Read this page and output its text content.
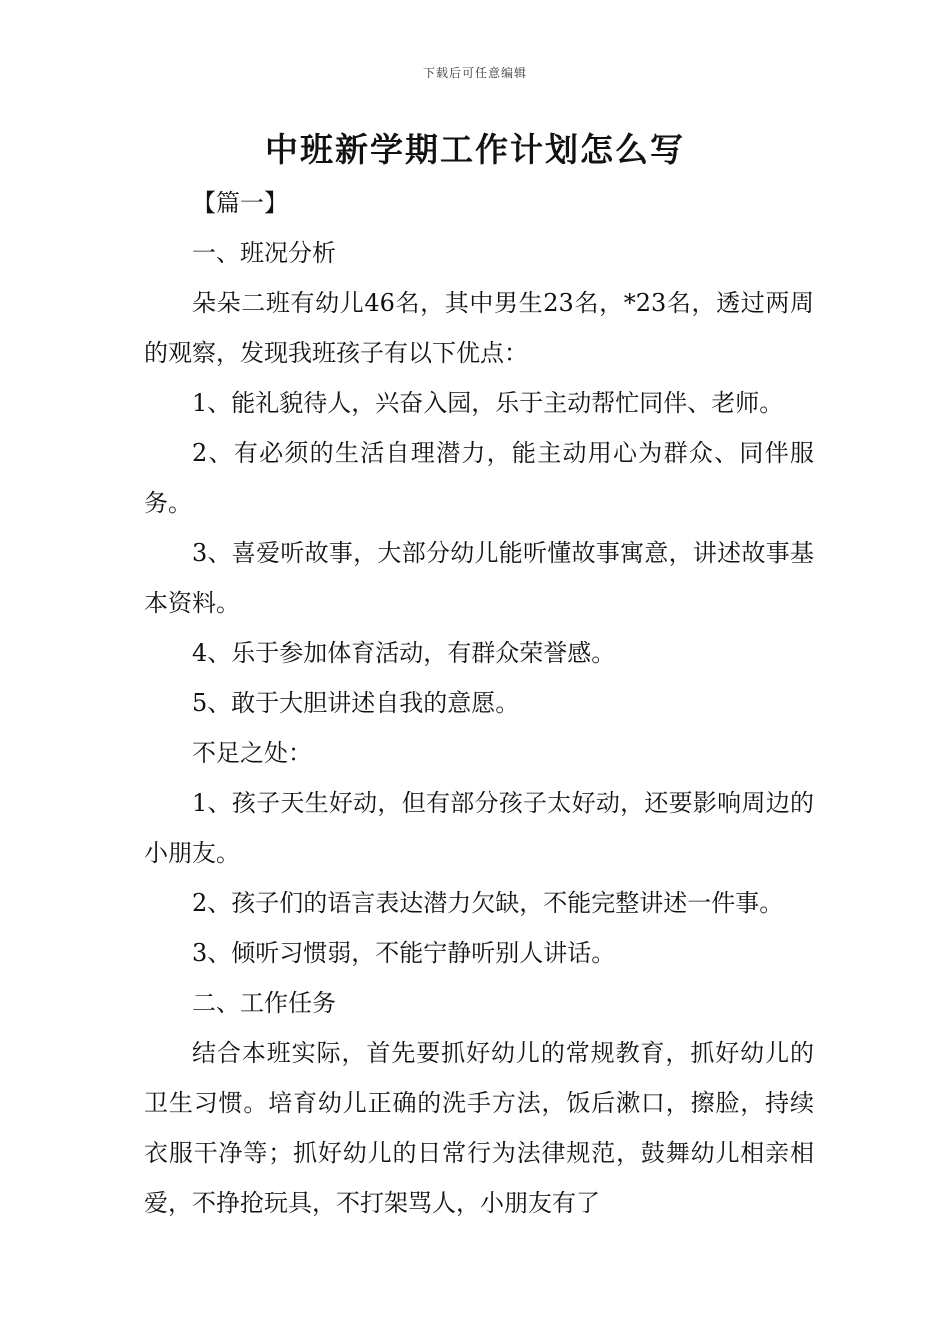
下载后可任意编辑
中班新学期工作计划怎么写

【篇一】

一、班况分析

朵朵二班有幼儿46名，其中男生23名，*23名，透过两周的观察，发现我班孩子有以下优点：

1、能礼貌待人，兴奋入园，乐于主动帮忙同伴、老师。

2、有必须的生活自理潜力，能主动用心为群众、同伴服务。

3、喜爱听故事，大部分幼儿能听懂故事寓意，讲述故事基本资料。

4、乐于参加体育活动，有群众荣誉感。

5、敢于大胆讲述自我的意愿。

不足之处：

1、孩子天生好动，但有部分孩子太好动，还要影响周边的小朋友。

2、孩子们的语言表达潜力欠缺，不能完整讲述一件事。

3、倾听习惯弱，不能宁静听别人讲话。

二、工作任务

结合本班实际，首先要抓好幼儿的常规教育，抓好幼儿的卫生习惯。培育幼儿正确的洗手方法，饭后漱口，擦脸，持续衣服干净等；抓好幼儿的日常行为法律规范，鼓舞幼儿相亲相爱，不挣抢玩具，不打架骂人，小朋友有了
